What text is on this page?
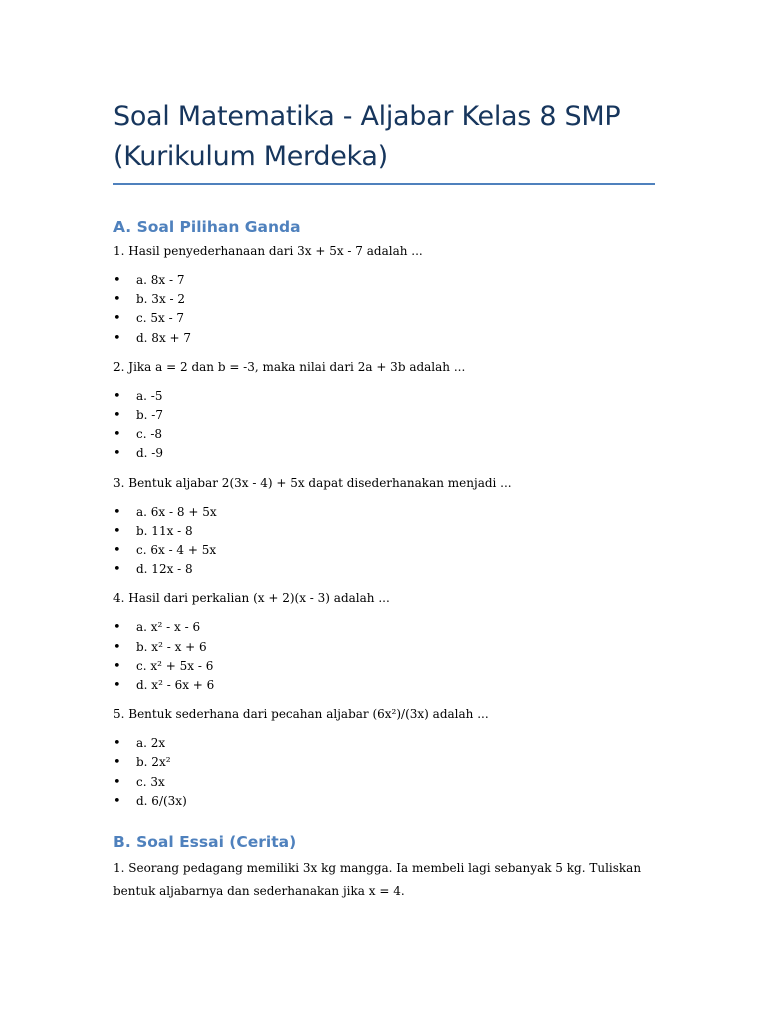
Soal Matematika - Aljabar Kelas 8 SMP (Kurikulum Merdeka)
A. Soal Pilihan Ganda

1. Hasil penyederhanaan dari 3x + 5x - 7 adalah ...

• a. 8x - 7
• b. 3x - 2
• c. 5x - 7
• d. 8x + 7

2. Jika a = 2 dan b = -3, maka nilai dari 2a + 3b adalah ...

• a. -5
• b. -7
• c. -8
• d. -9

3. Bentuk aljabar 2(3x - 4) + 5x dapat disederhanakan menjadi ...

• a. 6x - 8 + 5x
• b. 11x - 8
• c. 6x - 4 + 5x
• d. 12x - 8

4. Hasil dari perkalian (x + 2)(x - 3) adalah ...

• a. x² - x - 6
• b. x² - x + 6
• c. x² + 5x - 6
• d. x² - 6x + 6

5. Bentuk sederhana dari pecahan aljabar (6x²)/(3x) adalah ...

• a. 2x
• b. 2x²
• c. 3x
• d. 6/(3x)
B. Soal Essai (Cerita)

1. Seorang pedagang memiliki 3x kg mangga. Ia membeli lagi sebanyak 5 kg. Tuliskan bentuk aljabarnya dan sederhanakan jika x = 4.
